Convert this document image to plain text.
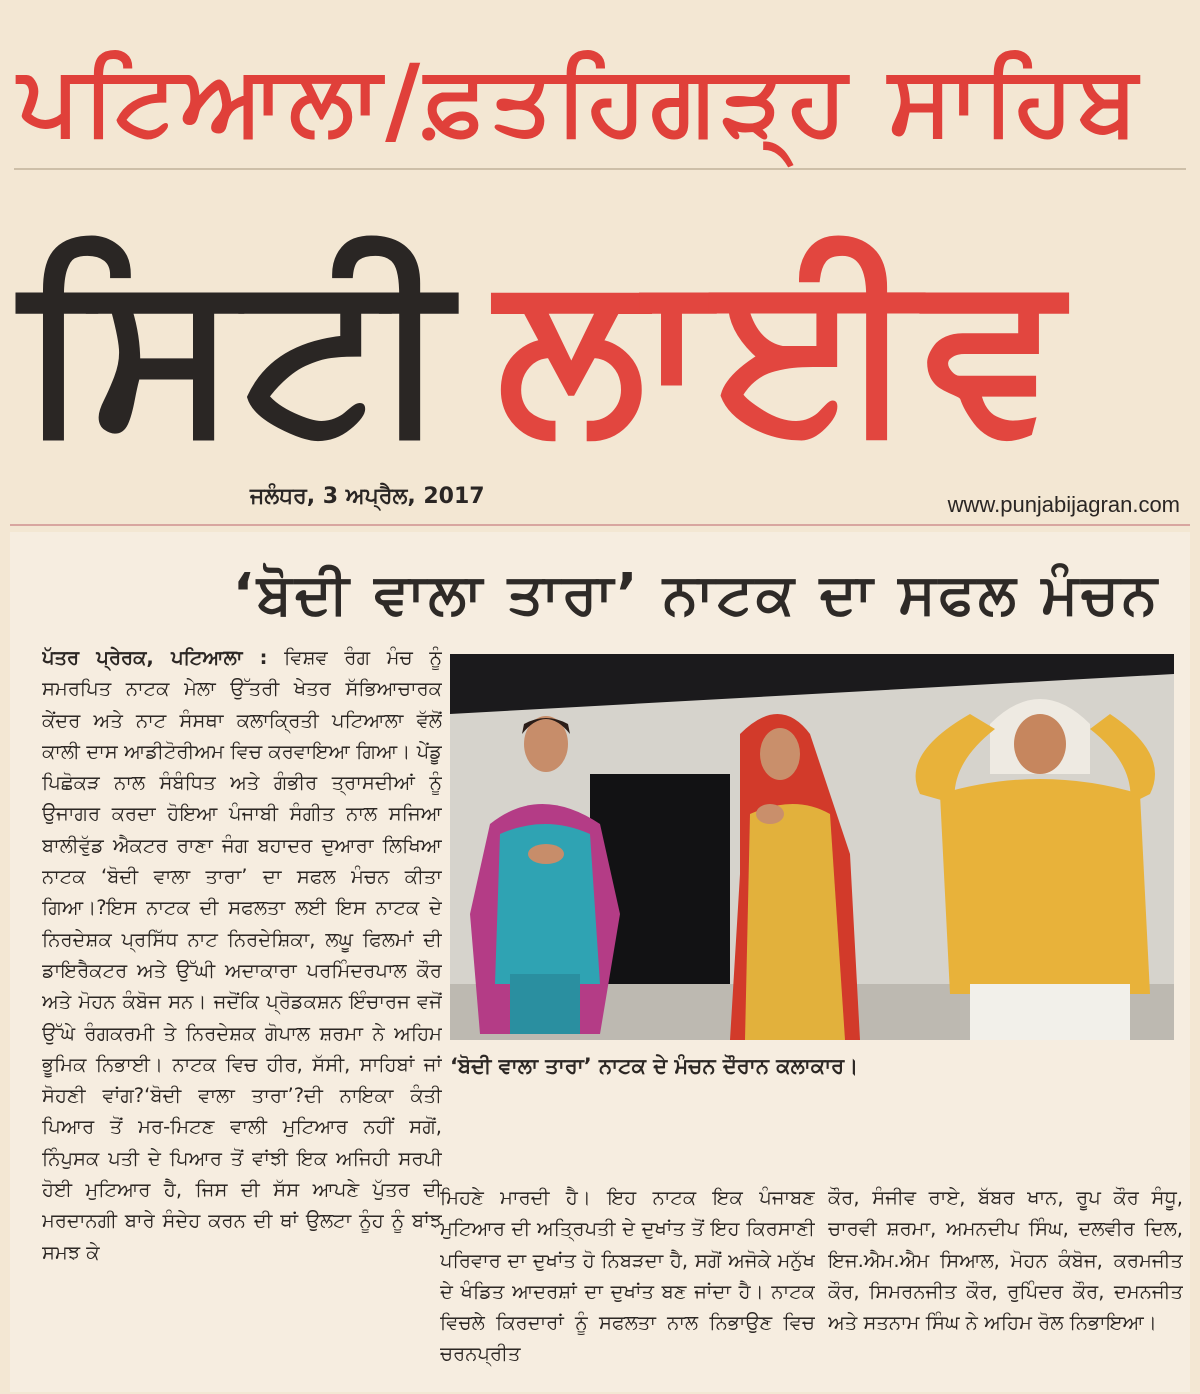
ਪਟਿਆਲਾ/ਫ਼ਤਹਿਗੜ੍ਹ ਸਾਹਿਬ
ਸਿਟੀ ਲਾਈਵ
ਜਲੰਧਰ, 3 ਅਪ੍ਰੈਲ, 2017	www.punjabijagran.com
‘ਬੋਦੀ ਵਾਲਾ ਤਾਰਾ’ ਨਾਟਕ ਦਾ ਸਫਲ ਮੰਚਨ
ਪੱਤਰ ਪ੍ਰੇਰਕ, ਪਟਿਆਲਾ : ਵਿਸ਼ਵ ਰੰਗ ਮੰਚ ਨੂੰ ਸਮਰਪਿਤ ਨਾਟਕ ਮੇਲਾ ਉੱਤਰੀ ਖੇਤਰ ਸੱਭਿਆਚਾਰਕ ਕੇਂਦਰ ਅਤੇ ਨਾਟ ਸੰਸਥਾ ਕਲਾਕ੍ਰਿਤੀ ਪਟਿਆਲਾ ਵੱਲੋਂ ਕਾਲੀ ਦਾਸ ਆਡੀਟੋਰੀਅਮ ਵਿਚ ਕਰਵਾਇਆ ਗਿਆ। ਪੇਂਡੂ ਪਿਛੋਕੜ ਨਾਲ ਸੰਬੰਧਿਤ ਅਤੇ ਗੰਭੀਰ ਤ੍ਰਾਸਦੀਆਂ ਨੂੰ ਉਜਾਗਰ ਕਰਦਾ ਹੋਇਆ ਪੰਜਾਬੀ ਸੰਗੀਤ ਨਾਲ ਸਜਿਆ ਬਾਲੀਵੁੱਡ ਐਕਟਰ ਰਾਣਾ ਜੰਗ ਬਹਾਦਰ ਦੁਆਰਾ ਲਿਖਿਆ ਨਾਟਕ ‘ਬੋਦੀ ਵਾਲਾ ਤਾਰਾ’ ਦਾ ਸਫਲ ਮੰਚਨ ਕੀਤਾ ਗਿਆ।?ਇਸ ਨਾਟਕ ਦੀ ਸਫਲਤਾ ਲਈ ਇਸ ਨਾਟਕ ਦੇ ਨਿਰਦੇਸ਼ਕ ਪ੍ਰਸਿੱਧ ਨਾਟ ਨਿਰਦੇਸ਼ਿਕਾ, ਲਘੂ ਫਿਲਮਾਂ ਦੀ ਡਾਇਰੈਕਟਰ ਅਤੇ ਉੱਘੀ ਅਦਾਕਾਰਾ ਪਰਮਿੰਦਰਪਾਲ ਕੌਰ ਅਤੇ ਮੋਹਨ ਕੰਬੋਜ ਸਨ। ਜਦੋਂਕਿ ਪ੍ਰੋਡਕਸ਼ਨ ਇੰਚਾਰਜ ਵਜੋਂ ਉੱਘੇ ਰੰਗਕਰਮੀ ਤੇ ਨਿਰਦੇਸ਼ਕ ਗੋਪਾਲ ਸ਼ਰਮਾ ਨੇ ਅਹਿਮ ਭੂਮਿਕ ਨਿਭਾਈ। ਨਾਟਕ ਵਿਚ ਹੀਰ, ਸੱਸੀ, ਸਾਹਿਬਾਂ ਜਾਂ ਸੋਹਣੀ ਵਾਂਗ?‘ਬੋਦੀ ਵਾਲਾ ਤਾਰਾ’?ਦੀ ਨਾਇਕਾ ਕੰਤੀ ਪਿਆਰ ਤੋਂ ਮਰ-ਮਿਟਣ ਵਾਲੀ ਮੁਟਿਆਰ ਨਹੀਂ ਸਗੋਂ, ਨਿੰਪੁਸਕ ਪਤੀ ਦੇ ਪਿਆਰ ਤੋਂ ਵਾਂਝੀ ਇਕ ਅਜਿਹੀ ਸਰਪੀ ਹੋਈ ਮੁਟਿਆਰ ਹੈ, ਜਿਸ ਦੀ ਸੱਸ ਆਪਣੇ ਪੁੱਤਰ ਦੀ ਮਰਦਾਨਗੀ ਬਾਰੇ ਸੰਦੇਹ ਕਰਨ ਦੀ ਥਾਂ ਉਲਟਾ ਨੂੰਹ ਨੂੰ ਬਾਂਝ ਸਮਝ ਕੇ
‘ਬੋਦੀ ਵਾਲਾ ਤਾਰਾ’ ਨਾਟਕ ਦੇ ਮੰਚਨ ਦੌਰਾਨ ਕਲਾਕਾਰ।
ਮਿਹਣੇ ਮਾਰਦੀ ਹੈ। ਇਹ ਨਾਟਕ ਇਕ ਪੰਜਾਬਣ ਮੁਟਿਆਰ ਦੀ ਅਤ੍ਰਿਪਤੀ ਦੇ ਦੁਖਾਂਤ ਤੋਂ ਇਹ ਕਿਰਸਾਣੀ ਪਰਿਵਾਰ ਦਾ ਦੁਖਾਂਤ ਹੋ ਨਿਬੜਦਾ ਹੈ, ਸਗੋਂ ਅਜੋਕੇ ਮਨੁੱਖ ਦੇ ਖੰਡਿਤ ਆਦਰਸ਼ਾਂ ਦਾ ਦੁਖਾਂਤ ਬਣ ਜਾਂਦਾ ਹੈ। ਨਾਟਕ ਵਿਚਲੇ ਕਿਰਦਾਰਾਂ ਨੂੰ ਸਫਲਤਾ ਨਾਲ ਨਿਭਾਉਣ ਵਿਚ ਚਰਨਪ੍ਰੀਤ
ਕੌਰ, ਸੰਜੀਵ ਰਾਏ, ਬੱਬਰ ਖਾਨ, ਰੂਪ ਕੌਰ ਸੰਧੂ, ਚਾਰਵੀ ਸ਼ਰਮਾ, ਅਮਨਦੀਪ ਸਿੰਘ, ਦਲਵੀਰ ਦਿਲ, ਇਜ.ਐਮ.ਐਮ ਸਿਆਲ, ਮੋਹਨ ਕੰਬੋਜ, ਕਰਮਜੀਤ ਕੌਰ, ਸਿਮਰਨਜੀਤ ਕੌਰ, ਰੁਪਿੰਦਰ ਕੌਰ, ਦਮਨਜੀਤ ਅਤੇ ਸਤਨਾਮ ਸਿੰਘ ਨੇ ਅਹਿਮ ਰੋਲ ਨਿਭਾਇਆ।
